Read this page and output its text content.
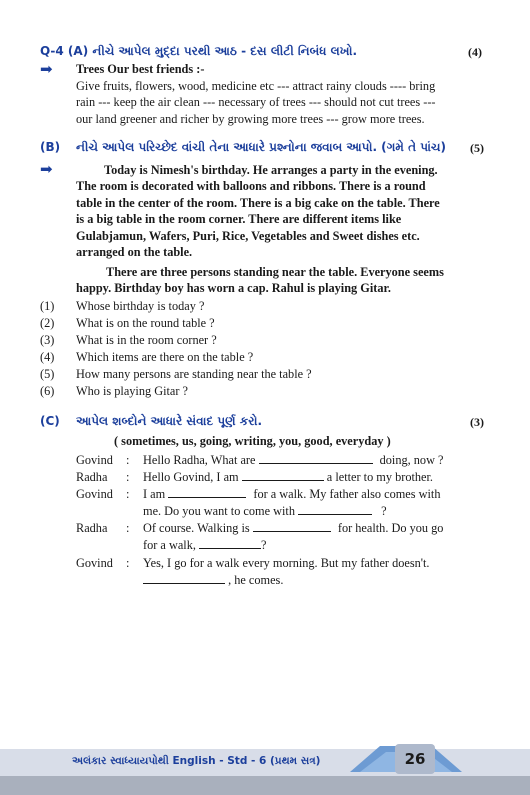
Q-4 (A) નીચે આપેલ મુદ્દા પરથી આઠ - દસ લીટી નિબંધ લખો.	(4)
➡ Trees Our best friends :-
Give fruits, flowers, wood, medicine etc --- attract rainy clouds ---- bring
rain --- keep the air clean --- necessary of trees --- should not cut trees ---
our land greener and richer by growing more trees --- grow more trees.
(B) નીચે આપેલ પરિચ્છેદ વાંચી તેના આધારે પ્રશ્નોના જવાબ આપો. (ગમે તે પાંચ) (5)
➡	Today is Nimesh's birthday. He arranges a party in the evening.
The room is decorated with balloons and ribbons. There is a round
table in the center of the room. There is a big cake on the table. There
is a big table in the room corner. There are different items like
Gulabjamun, Wafers, Puri, Rice, Vegetables and Sweet dishes etc.
arranged on the table.
There are three persons standing near the table. Everyone seems
happy. Birthday boy has worn a cap. Rahul is playing Gitar.
(1) Whose birthday is today ?
(2) What is on the round table ?
(3) What is in the room corner ?
(4) Which items are there on the table ?
(5) How many persons are standing near the table ?
(6) Who is playing Gitar ?
(C) આપેલ શબ્દોને આધારે સંવાદ પૂર્ણ કરો.	(3)
( sometimes, us, going, writing, you, good, everyday )
Govind : Hello Radha, What are	doing, now ?
Radha : Hello Govind, I am	a letter to my brother.
Govind : I am	for a walk. My father also comes with
me. Do you want to come with	?
Radha : Of course. Walking is	for health. Do you go
for a walk,	?
Govind : Yes, I go for a walk every morning. But my father doesn't.
, he comes.
અલંકાર સ્વાધ્યાયપોથી English - Std - 6 (પ્રથમ સત્ર)	26
